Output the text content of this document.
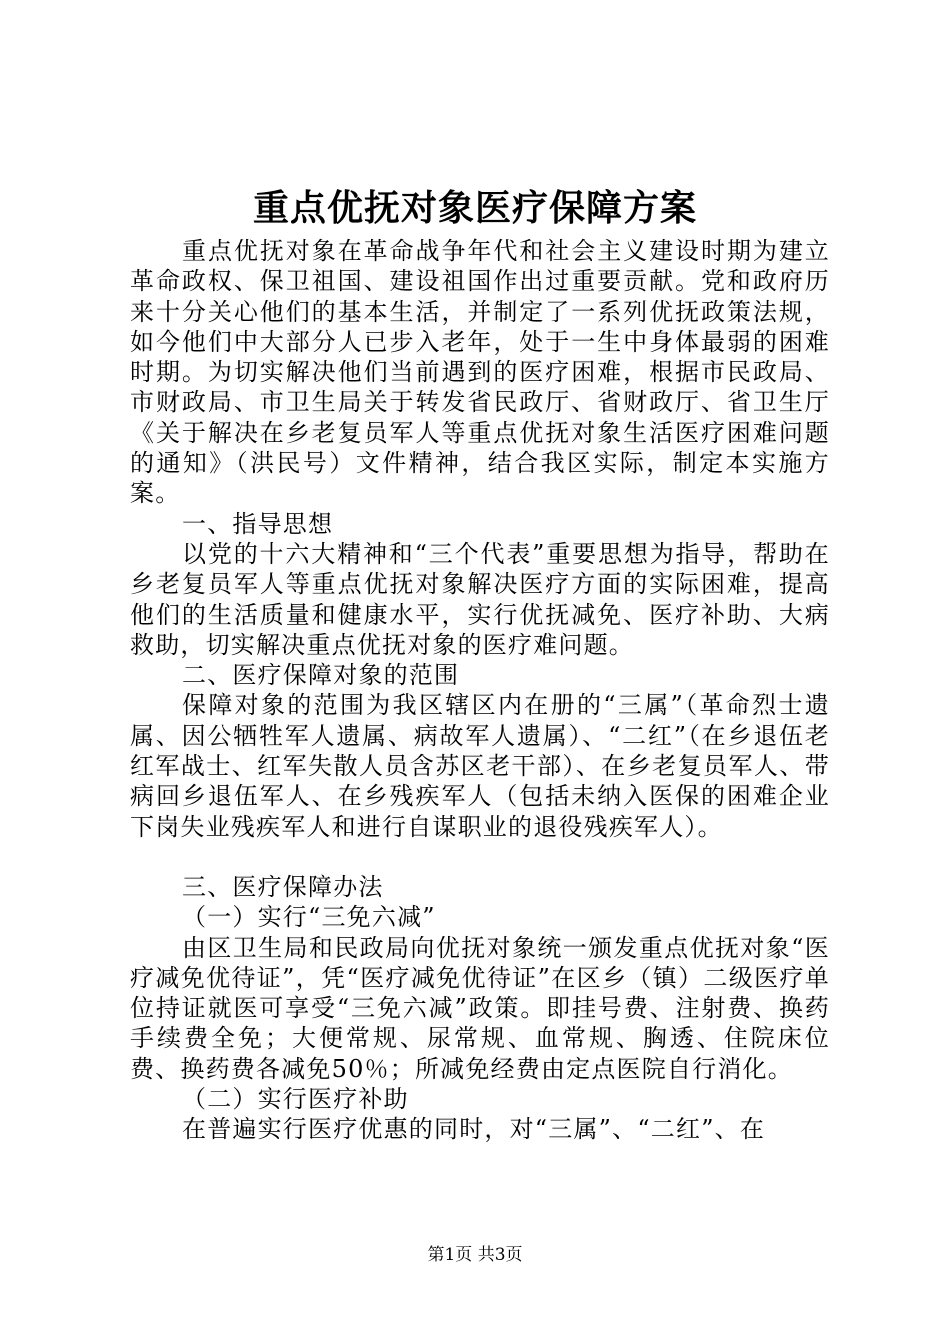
重点优抚对象医疗保障方案

重点优抚对象在革命战争年代和社会主义建设时期为建立革命政权、保卫祖国、建设祖国作出过重要贡献。党和政府历来十分关心他们的基本生活，并制定了一系列优抚政策法规，如今他们中大部分人已步入老年，处于一生中身体最弱的困难时期。为切实解决他们当前遇到的医疗困难，根据市民政局、市财政局、市卫生局关于转发省民政厅、省财政厅、省卫生厅《关于解决在乡老复员军人等重点优抚对象生活医疗困难问题的通知》（洪民号）文件精神，结合我区实际，制定本实施方案。

一、指导思想

以党的十六大精神和“三个代表”重要思想为指导，帮助在乡老复员军人等重点优抚对象解决医疗方面的实际困难，提高他们的生活质量和健康水平，实行优抚减免、医疗补助、大病救助，切实解决重点优抚对象的医疗难问题。

二、医疗保障对象的范围

保障对象的范围为我区辖区内在册的“三属”（革命烈士遗属、因公牺牲军人遗属、病故军人遗属）、“二红”（在乡退伍老红军战士、红军失散人员含苏区老干部）、在乡老复员军人、带病回乡退伍军人、在乡残疾军人（包括未纳入医保的困难企业下岗失业残疾军人和进行自谋职业的退役残疾军人）。

三、医疗保障办法

（一）实行“三免六减”

由区卫生局和民政局向优抚对象统一颁发重点优抚对象“医疗减免优待证”，凭“医疗减免优待证”在区乡（镇）二级医疗单位持证就医可享受“三免六减”政策。即挂号费、注射费、换药手续费全免；大便常规、尿常规、血常规、胸透、住院床位费、换药费各减免50％；所减免经费由定点医院自行消化。

（二）实行医疗补助

在普遍实行医疗优惠的同时，对“三属”、“二红”、在

第1页 共3页
